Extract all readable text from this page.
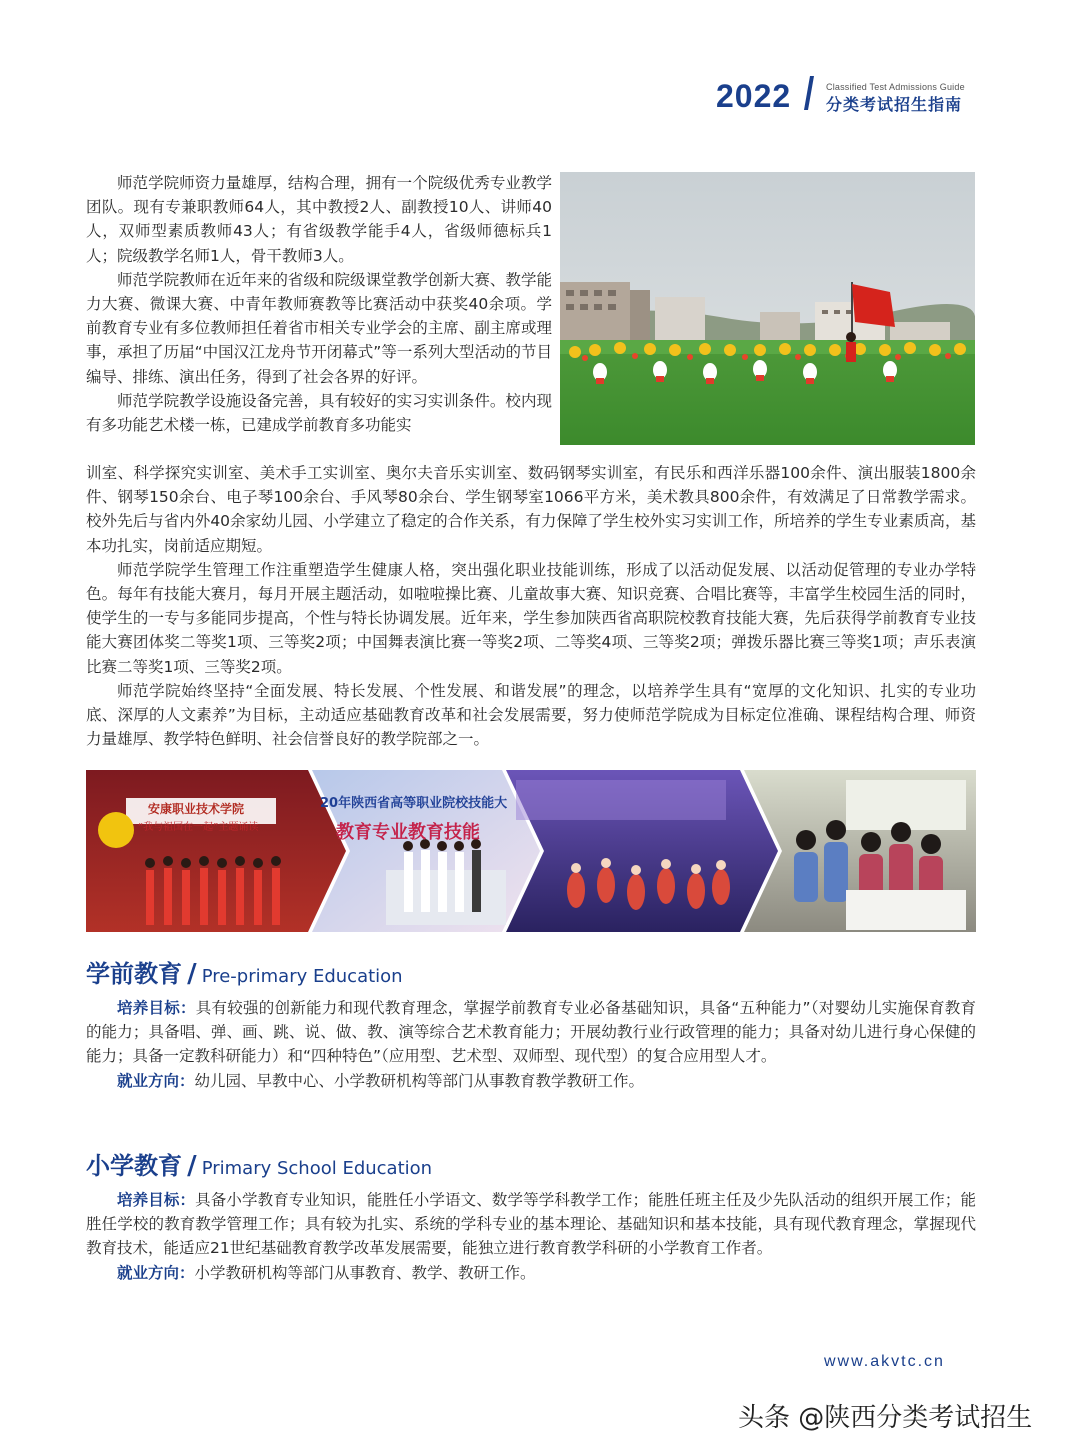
2022	Classified Test Admissions Guide
分类考试招生指南

师范学院师资力量雄厚，结构合理，拥有一个院级优秀专业教学团队。现有专兼职教师64人，其中教授2人、副教授10人、讲师40人，双师型素质教师43人；有省级教学能手4人，省级师德标兵1人；院级教学名师1人，骨干教师3人。

师范学院教师在近年来的省级和院级课堂教学创新大赛、教学能力大赛、微课大赛、中青年教师赛教等比赛活动中获奖40余项。学前教育专业有多位教师担任着省市相关专业学会的主席、副主席或理事，承担了历届“中国汉江龙舟节开闭幕式”等一系列大型活动的节目编导、排练、演出任务，得到了社会各界的好评。

师范学院教学设施设备完善，具有较好的实习实训条件。校内现有多功能艺术楼一栋，已建成学前教育多功能实

训室、科学探究实训室、美术手工实训室、奥尔夫音乐实训室、数码钢琴实训室，有民乐和西洋乐器100余件、演出服装1800余件、钢琴150余台、电子琴100余台、手风琴80余台、学生钢琴室1066平方米，美术教具800余件，有效满足了日常教学需求。校外先后与省内外40余家幼儿园、小学建立了稳定的合作关系，有力保障了学生校外实习实训工作，所培养的学生专业素质高，基本功扎实，岗前适应期短。

师范学院学生管理工作注重塑造学生健康人格，突出强化职业技能训练，形成了以活动促发展、以活动促管理的专业办学特色。每年有技能大赛月，每月开展主题活动，如啦啦操比赛、儿童故事大赛、知识竞赛、合唱比赛等，丰富学生校园生活的同时，使学生的一专与多能同步提高，个性与特长协调发展。近年来，学生参加陕西省高职院校教育技能大赛，先后获得学前教育专业技能大赛团体奖二等奖1项、三等奖2项；中国舞表演比赛一等奖2项、二等奖4项、三等奖2项；弹拨乐器比赛三等奖1项；声乐表演比赛二等奖1项、三等奖2项。

师范学院始终坚持“全面发展、特长发展、个性发展、和谐发展”的理念，以培养学生具有“宽厚的文化知识、扎实的专业功底、深厚的人文素养”为目标，主动适应基础教育改革和社会发展需要，努力使师范学院成为目标定位准确、课程结构合理、师资力量雄厚、教学特色鲜明、社会信誉良好的教学院部之一。

安康职业技术学院
“我与祖国在一起”主题诵读
20年陕西省高等职业院校技能大
教育专业教育技能
学前教育 / Pre-primary Education

培养目标：具有较强的创新能力和现代教育理念，掌握学前教育专业必备基础知识，具备“五种能力”（对婴幼儿实施保育教育的能力；具备唱、弹、画、跳、说、做、教、演等综合艺术教育能力；开展幼教行业行政管理的能力；具备对幼儿进行身心保健的能力；具备一定教科研能力）和“四种特色”（应用型、艺术型、双师型、现代型）的复合应用型人才。

就业方向：幼儿园、早教中心、小学教研机构等部门从事教育教学教研工作。

小学教育 / Primary School Education

培养目标：具备小学教育专业知识，能胜任小学语文、数学等学科教学工作；能胜任班主任及少先队活动的组织开展工作；能胜任学校的教育教学管理工作；具有较为扎实、系统的学科专业的基本理论、基础知识和基本技能，具有现代教育理念，掌握现代教育技术，能适应21世纪基础教育教学改革发展需要，能独立进行教育教学科研的小学教育工作者。

就业方向：小学教研机构等部门从事教育、教学、教研工作。

www.akvtc.cn
头条 @陕西分类考试招生
